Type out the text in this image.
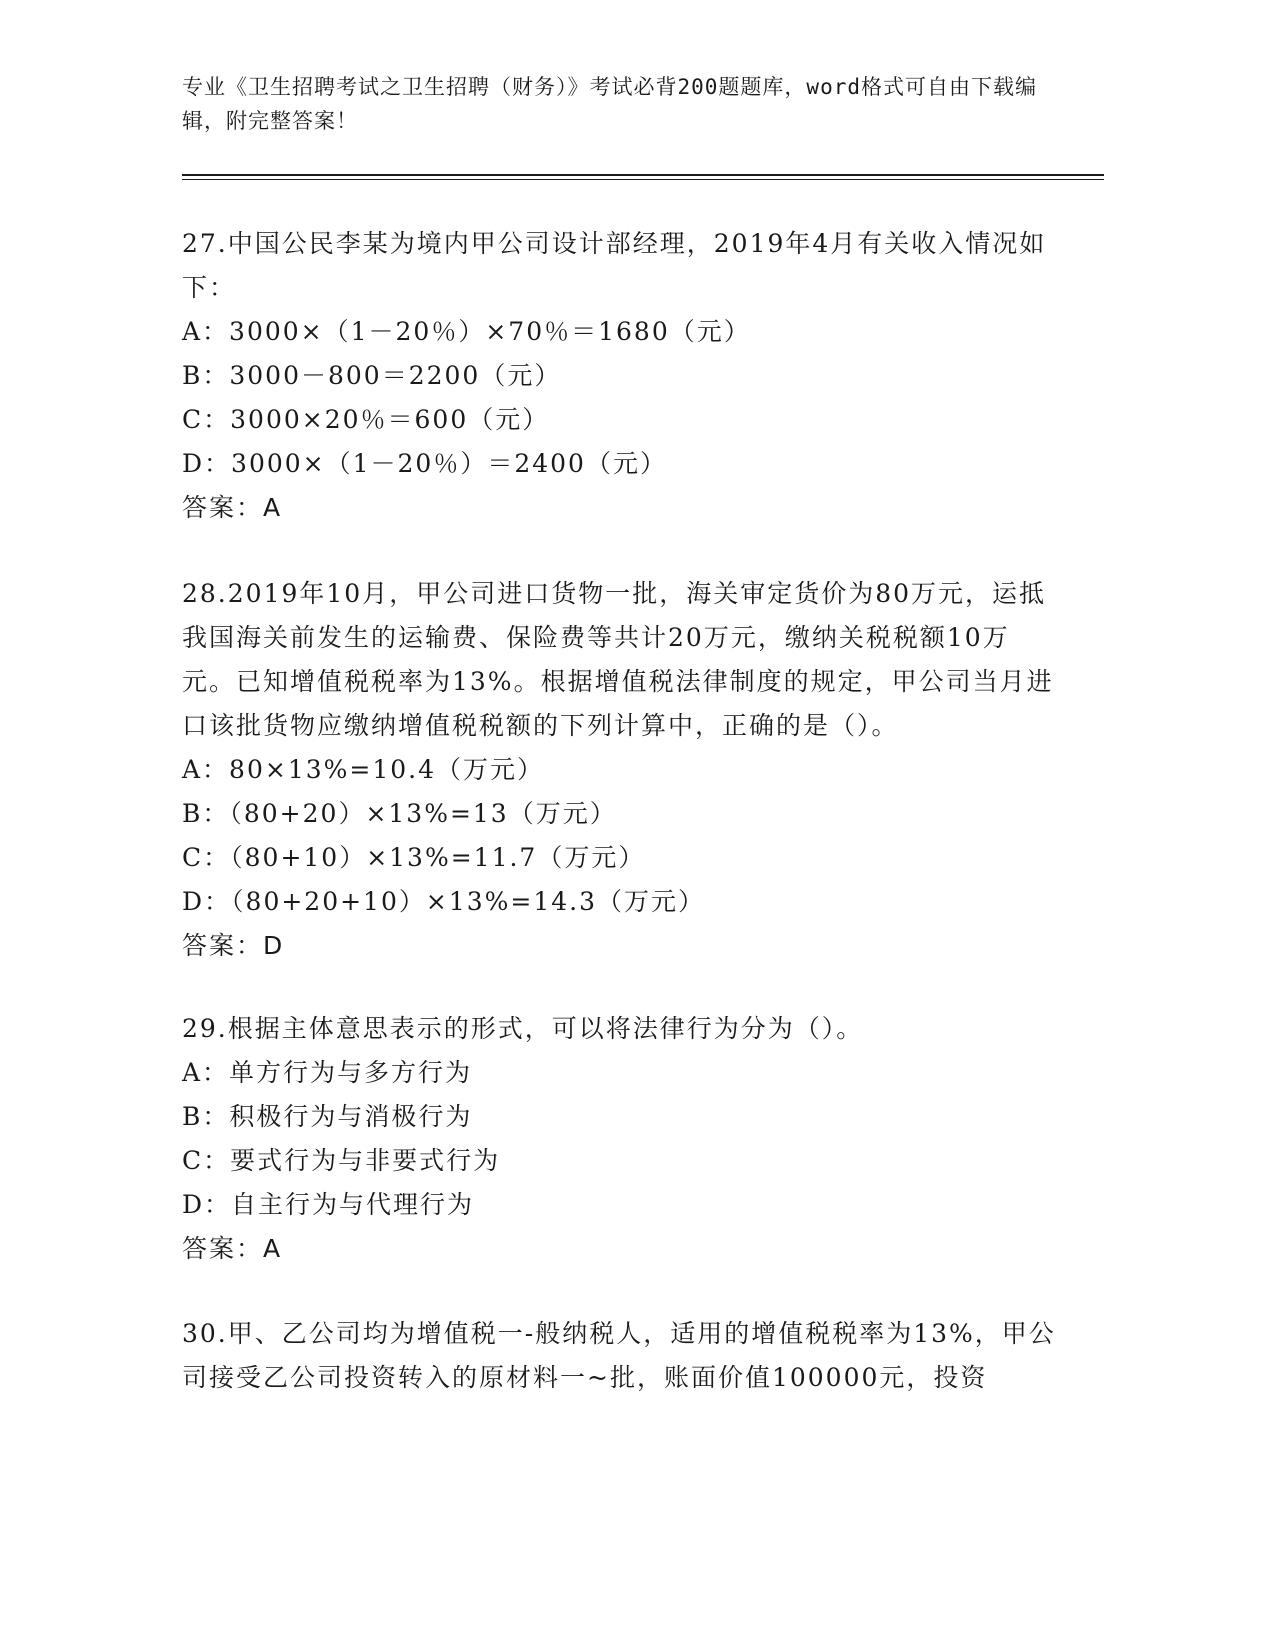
专业《卫生招聘考试之卫生招聘（财务）》考试必背200题题库，word格式可自由下载编辑，附完整答案！

27.中国公民李某为境内甲公司设计部经理，2019年4月有关收入情况如下：

A：3000×（1－20％）×70％＝1680（元）

B：3000－800＝2200（元）

C：3000×20％＝600（元）

D：3000×（1－20％）＝2400（元）

答案：A

28.2019年10月，甲公司进口货物一批，海关审定货价为80万元，运抵我国海关前发生的运输费、保险费等共计20万元，缴纳关税税额10万元。已知增值税税率为13%。根据增值税法律制度的规定，甲公司当月进口该批货物应缴纳增值税税额的下列计算中，正确的是（）。

A：80×13%=10.4（万元）

B：（80+20）×13%=13（万元）

C：（80+10）×13%=11.7（万元）

D：（80+20+10）×13%=14.3（万元）

答案：D

29.根据主体意思表示的形式，可以将法律行为分为（）。

A：单方行为与多方行为

B：积极行为与消极行为

C：要式行为与非要式行为

D：自主行为与代理行为

答案：A

30.甲、乙公司均为增值税一-般纳税人，适用的增值税税率为13%，甲公司接受乙公司投资转入的原材料一~批，账面价值100000元，投资
